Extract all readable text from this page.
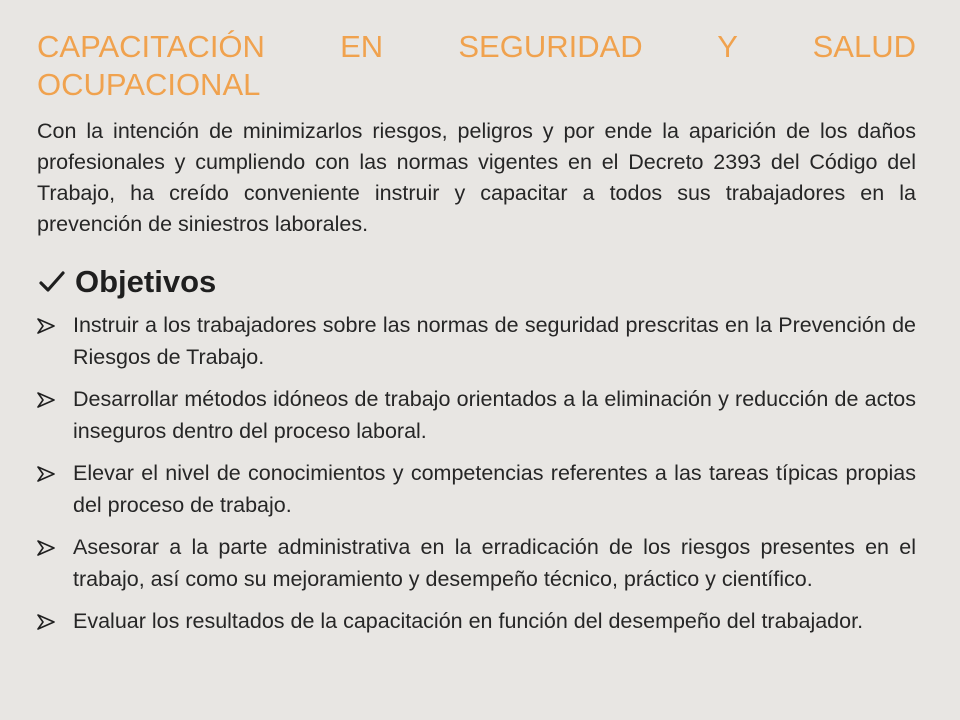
CAPACITACIÓN EN SEGURIDAD Y SALUD
OCUPACIONAL

Con la intención de minimizarlos riesgos, peligros y por ende la aparición de los daños profesionales y cumpliendo con las normas vigentes en el Decreto 2393 del Código del Trabajo, ha creído conveniente instruir y capacitar a todos sus trabajadores en la prevención de siniestros laborales.

Objetivos
Instruir a los trabajadores sobre las normas de seguridad prescritas en la Prevención de Riesgos de Trabajo.
Desarrollar métodos idóneos de trabajo orientados a la eliminación y reducción de actos inseguros dentro del proceso laboral.
Elevar el nivel de conocimientos y competencias referentes a las tareas típicas propias del proceso de trabajo.
Asesorar a la parte administrativa en la erradicación de los riesgos presentes en el trabajo, así como su mejoramiento y desempeño técnico, práctico y científico.
Evaluar los resultados de la capacitación en función del desempeño del trabajador.
